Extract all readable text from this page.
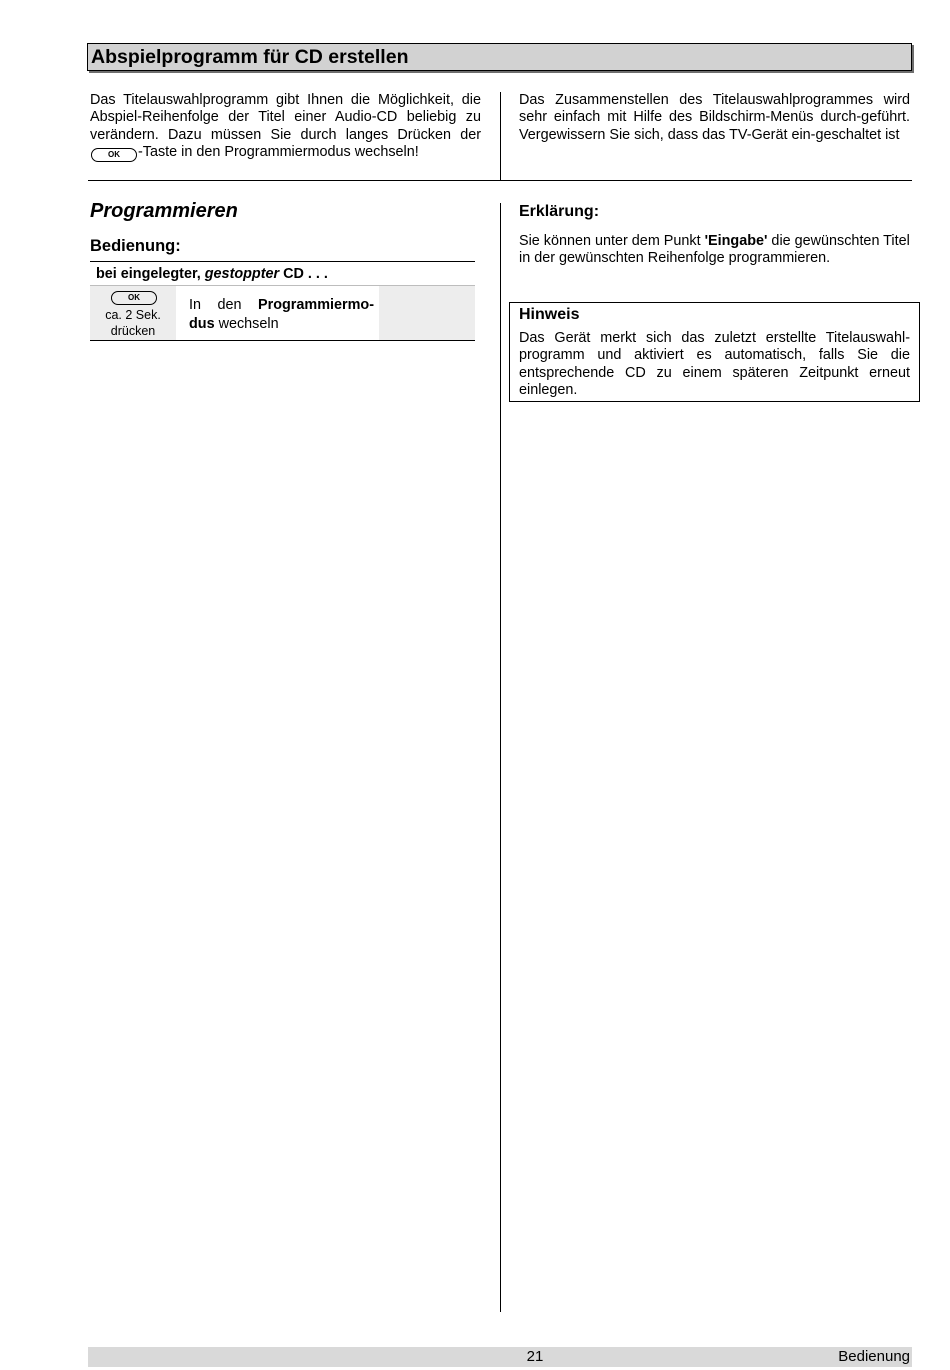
Abspielprogramm für CD erstellen
Das Titelauswahlprogramm gibt Ihnen die Möglichkeit, die Abspiel-Reihenfolge der Titel einer Audio-CD beliebig zu verändern. Dazu müssen Sie durch langes Drücken der OK -Taste in den Programmiermodus wechseln!
Das Zusammenstellen des Titelauswahlprogrammes wird sehr einfach mit Hilfe des Bildschirm-Menüs durch-geführt. Vergewissern Sie sich, dass das TV-Gerät ein-geschaltet ist
Programmieren
Bedienung:
bei eingelegter, gestoppter CD . . .
OK
ca. 2 Sek.
drücken
In den Programmiermo-dus wechseln
Erklärung:
Sie können unter dem Punkt 'Eingabe' die gewünschten Titel in der gewünschten Reihenfolge programmieren.
Hinweis
Das Gerät merkt sich das zuletzt erstellte Titelauswahl-programm und aktiviert es automatisch, falls Sie die entsprechende CD zu einem späteren Zeitpunkt erneut einlegen.
21	Bedienung
